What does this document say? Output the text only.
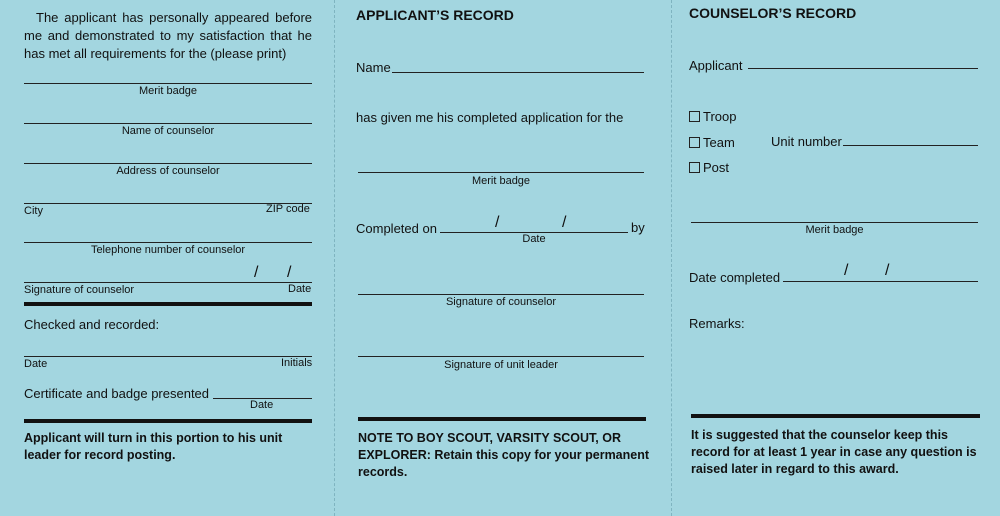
The applicant has personally appeared before me and demonstrated to my satisfaction that he has met all requirements for the (please print)
Merit badge
Name of counselor
Address of counselor
City	ZIP code
Telephone number of counselor
/ /
Signature of counselor	Date
Checked and recorded:
Date	Initials
Certificate and badge presented
Date
Applicant will turn in this portion to his unit leader for record posting.
APPLICANT’S RECORD
Name
has given me his completed application for the
Merit badge
Completed on	/	/	by
Date
Signature of counselor
Signature of unit leader
NOTE TO BOY SCOUT, VARSITY SCOUT, OR EXPLORER: Retain this copy for your permanent records.
COUNSELOR’S RECORD
Applicant
Troop
Team
Post
Unit number
Merit badge
Date completed	/ /
Remarks:
It is suggested that the counselor keep this record for at least 1 year in case any question is raised later in regard to this award.
